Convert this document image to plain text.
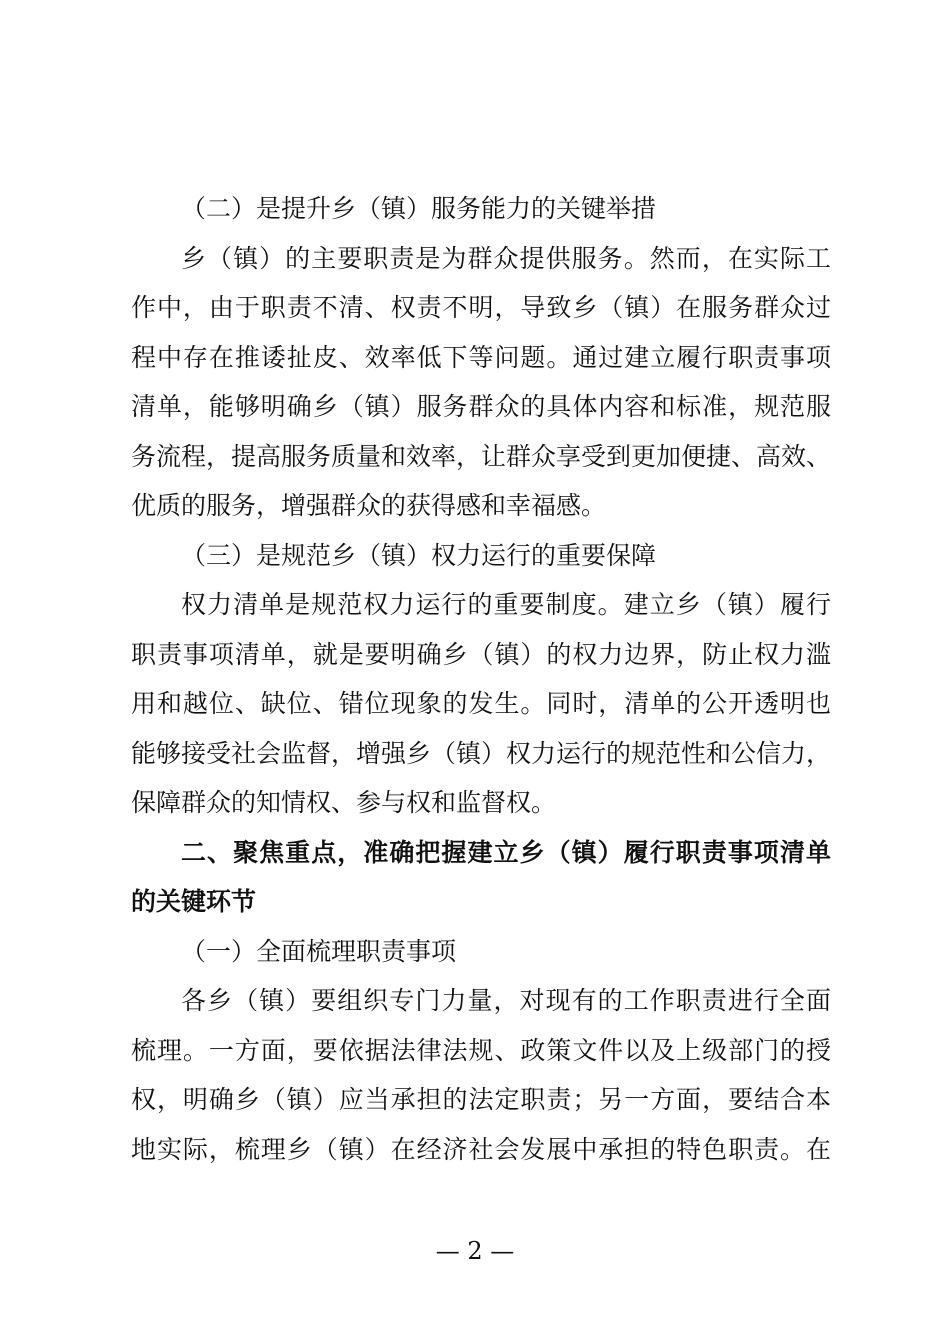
（二）是提升乡（镇）服务能力的关键举措
乡（镇）的主要职责是为群众提供服务。然而，在实际工
作中，由于职责不清、权责不明，导致乡（镇）在服务群众过
程中存在推诿扯皮、效率低下等问题。通过建立履行职责事项
清单，能够明确乡（镇）服务群众的具体内容和标准，规范服
务流程，提高服务质量和效率，让群众享受到更加便捷、高效、
优质的服务，增强群众的获得感和幸福感。
（三）是规范乡（镇）权力运行的重要保障
权力清单是规范权力运行的重要制度。建立乡（镇）履行
职责事项清单，就是要明确乡（镇）的权力边界，防止权力滥
用和越位、缺位、错位现象的发生。同时，清单的公开透明也
能够接受社会监督，增强乡（镇）权力运行的规范性和公信力，
保障群众的知情权、参与权和监督权。
二、聚焦重点，准确把握建立乡（镇）履行职责事项清单
的关键环节
（一）全面梳理职责事项
各乡（镇）要组织专门力量，对现有的工作职责进行全面
梳理。一方面，要依据法律法规、政策文件以及上级部门的授
权，明确乡（镇）应当承担的法定职责；另一方面，要结合本
地实际，梳理乡（镇）在经济社会发展中承担的特色职责。在
— 2 —
